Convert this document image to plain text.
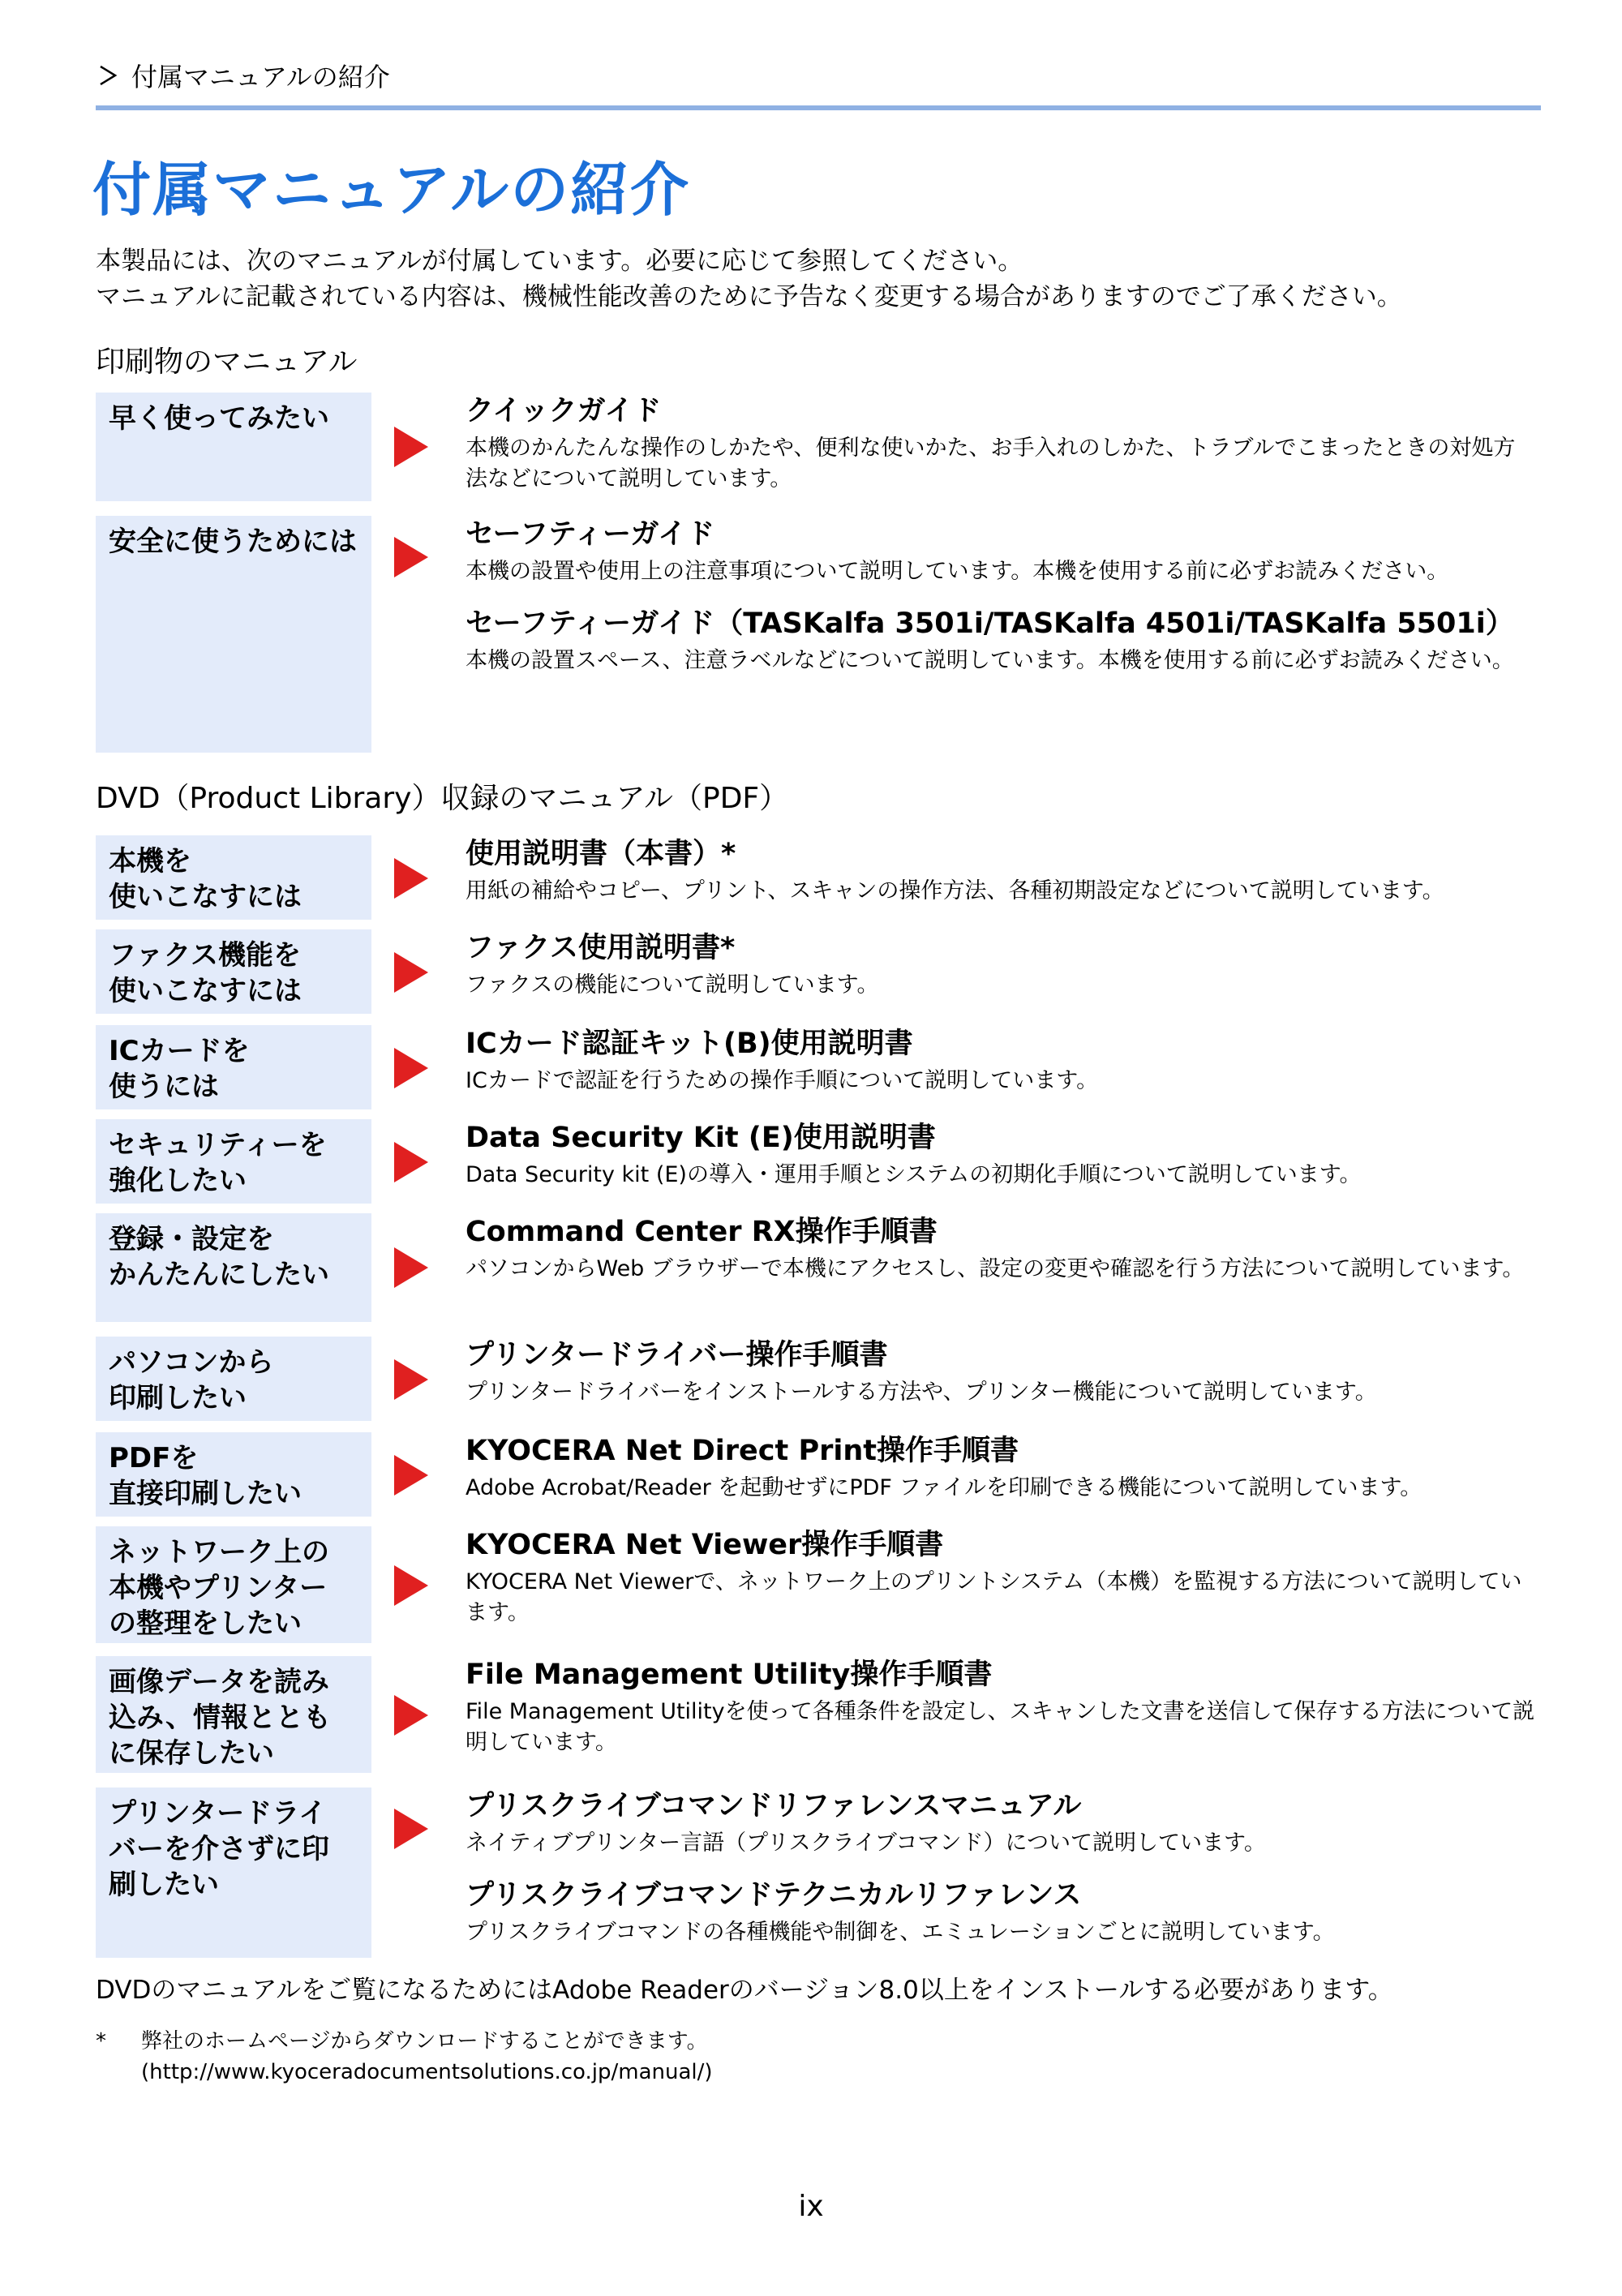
付属マニュアルの紹介
付属マニュアルの紹介
本製品には、次のマニュアルが付属しています。必要に応じて参照してください。
マニュアルに記載されている内容は、機械性能改善のために予告なく変更する場合がありますのでご了承ください。
印刷物のマニュアル
早く使ってみたい	クイックガイド

本機のかんたんな操作のしかたや、便利な使いかた、お手入れのしかた、トラブルでこまったときの対処方法などについて説明しています。

安全に使うためには	セーフティーガイド

本機の設置や使用上の注意事項について説明しています。本機を使用する前に必ずお読みください。

セーフティーガイド（TASKalfa 3501i/TASKalfa 4501i/TASKalfa 5501i）

本機の設置スペース、注意ラベルなどについて説明しています。本機を使用する前に必ずお読みください。

DVD（Product Library）収録のマニュアル（PDF）
本機を
使いこなすには

使用説明書（本書）*

用紙の補給やコピー、プリント、スキャンの操作方法、各種初期設定などについて説明しています。

ファクス機能を
使いこなすには

ファクス使用説明書*

ファクスの機能について説明しています。

ICカードを
使うには

ICカード認証キット(B)使用説明書

ICカードで認証を行うための操作手順について説明しています。

セキュリティーを
強化したい

Data Security Kit (E)使用説明書

Data Security kit (E)の導入・運用手順とシステムの初期化手順について説明しています。

登録・設定を
かんたんにしたい

Command Center RX操作手順書

パソコンからWeb ブラウザーで本機にアクセスし、設定の変更や確認を行う方法について説明しています。

パソコンから
印刷したい

プリンタードライバー操作手順書

プリンタードライバーをインストールする方法や、プリンター機能について説明しています。

PDFを
直接印刷したい

KYOCERA Net Direct Print操作手順書

Adobe Acrobat/Reader を起動せずにPDF ファイルを印刷できる機能について説明しています。

ネットワーク上の
本機やプリンター
の整理をしたい

KYOCERA Net Viewer操作手順書

KYOCERA Net Viewerで、ネットワーク上のプリントシステム（本機）を監視する方法について説明しています。

画像データを読み
込み、情報ととも
に保存したい

File Management Utility操作手順書

File Management Utilityを使って各種条件を設定し、スキャンした文書を送信して保存する方法について説明しています。

プリンタードライ
バーを介さずに印
刷したい

プリスクライブコマンドリファレンスマニュアル

ネイティブプリンター言語（プリスクライブコマンド）について説明しています。

プリスクライブコマンドテクニカルリファレンス

プリスクライブコマンドの各種機能や制御を、エミュレーションごとに説明しています。

DVDのマニュアルをご覧になるためにはAdobe Readerのバージョン8.0以上をインストールする必要があります。
* 弊社のホームページからダウンロードすることができます。
(http://www.kyoceradocumentsolutions.co.jp/manual/)
ix
